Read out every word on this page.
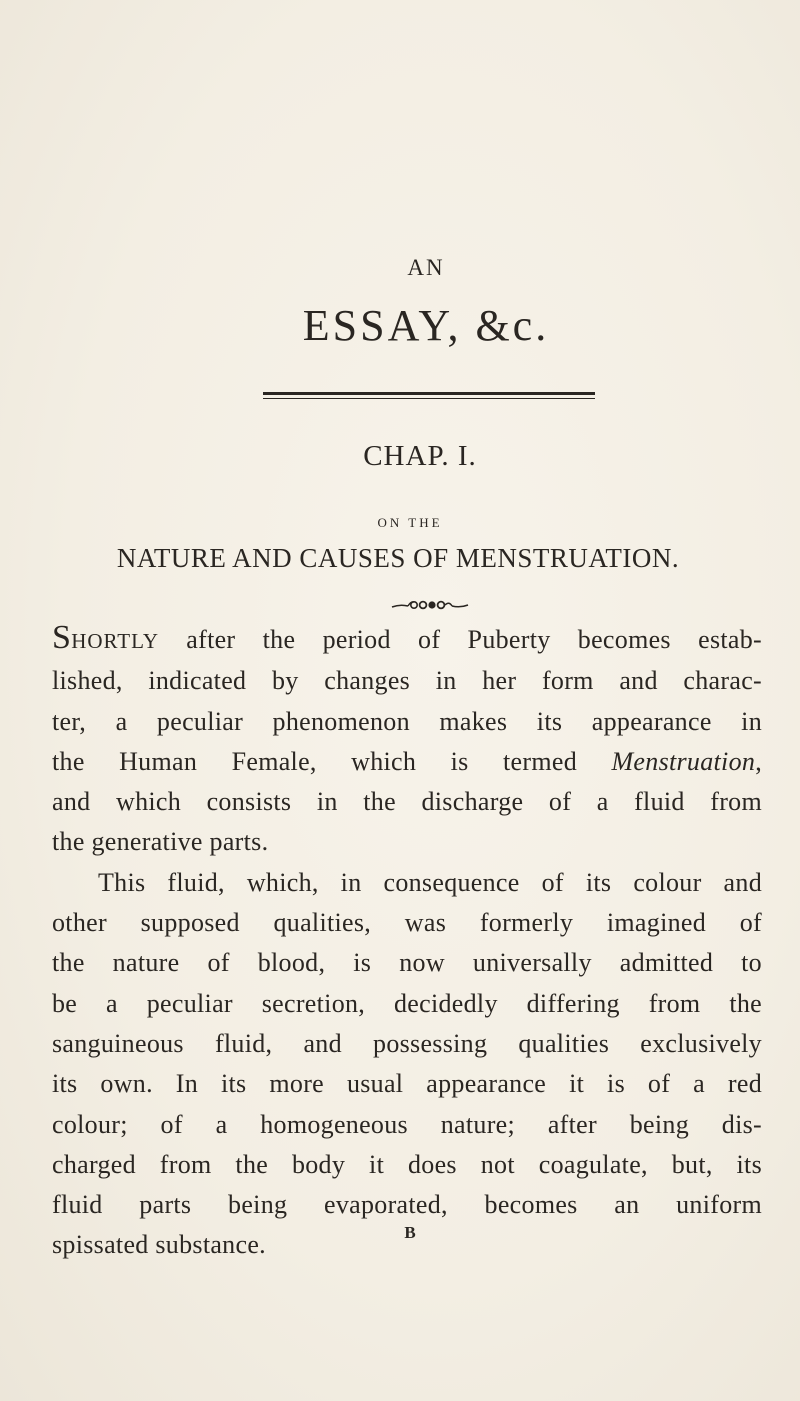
AN
ESSAY, &c.
CHAP. I.
ON THE
NATURE AND CAUSES OF MENSTRUATION.
SHORTLY after the period of Puberty becomes estab-
lished, indicated by changes in her form and charac-
ter, a peculiar phenomenon makes its appearance in
the Human Female, which is termed Menstruation,
and which consists in the discharge of a fluid from
the generative parts.
This fluid, which, in consequence of its colour and
other supposed qualities, was formerly imagined of
the nature of blood, is now universally admitted to
be a peculiar secretion, decidedly differing from the
sanguineous fluid, and possessing qualities exclusively
its own. In its more usual appearance it is of a red
colour; of a homogeneous nature; after being dis-
charged from the body it does not coagulate, but, its
fluid parts being evaporated, becomes an uniform
spissated substance.	B
